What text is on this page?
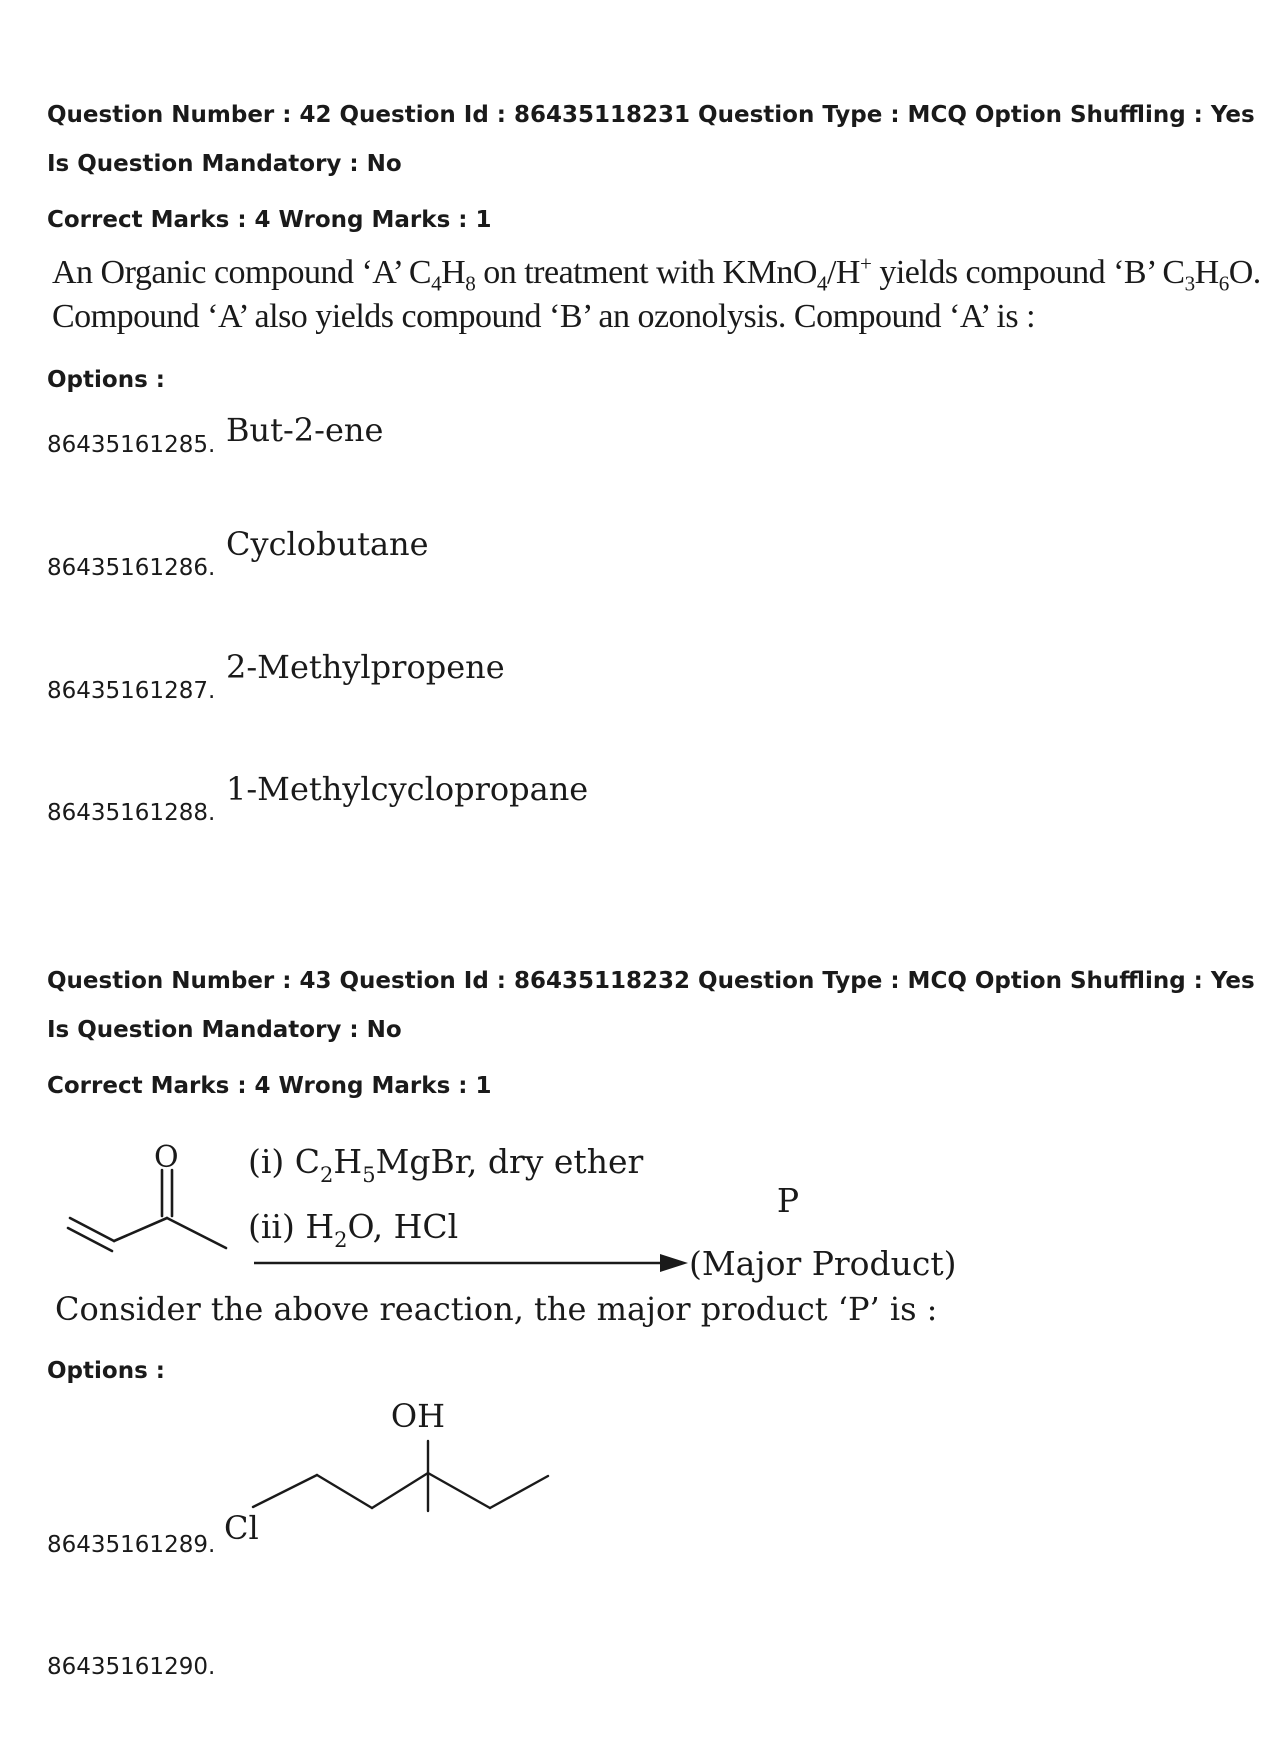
Question Number : 42 Question Id : 86435118231 Question Type : MCQ Option Shuffling : Yes
Is Question Mandatory : No
Correct Marks : 4 Wrong Marks : 1
An Organic compound ‘A’ $C_4H_8$ on treatment with KMnO$_4$/H+ yields compound ‘B’ $C_3H_6O$.
Compound ‘A’ also yields compound ‘B’ an ozonolysis. Compound ‘A’ is :
Options :
86435161285. But-2-ene
86435161286.
Cyclobutane
86435161287.
2-Methylpropene
86435161288.
1-Methylcyclopropane
Question Number : 43 Question Id : 86435118232 Question Type : MCQ Option Shuffling : Yes
Is Question Mandatory : No
Correct Marks : 4 Wrong Marks : 1
O (i) $C_2H_5MgBr$, dry ether
(ii) $H_2O$, HCl
P
(Major Product)
Consider the above reaction, the major product ‘P’ is :
Options :
86435161289.
OH
Cl
86435161290.
